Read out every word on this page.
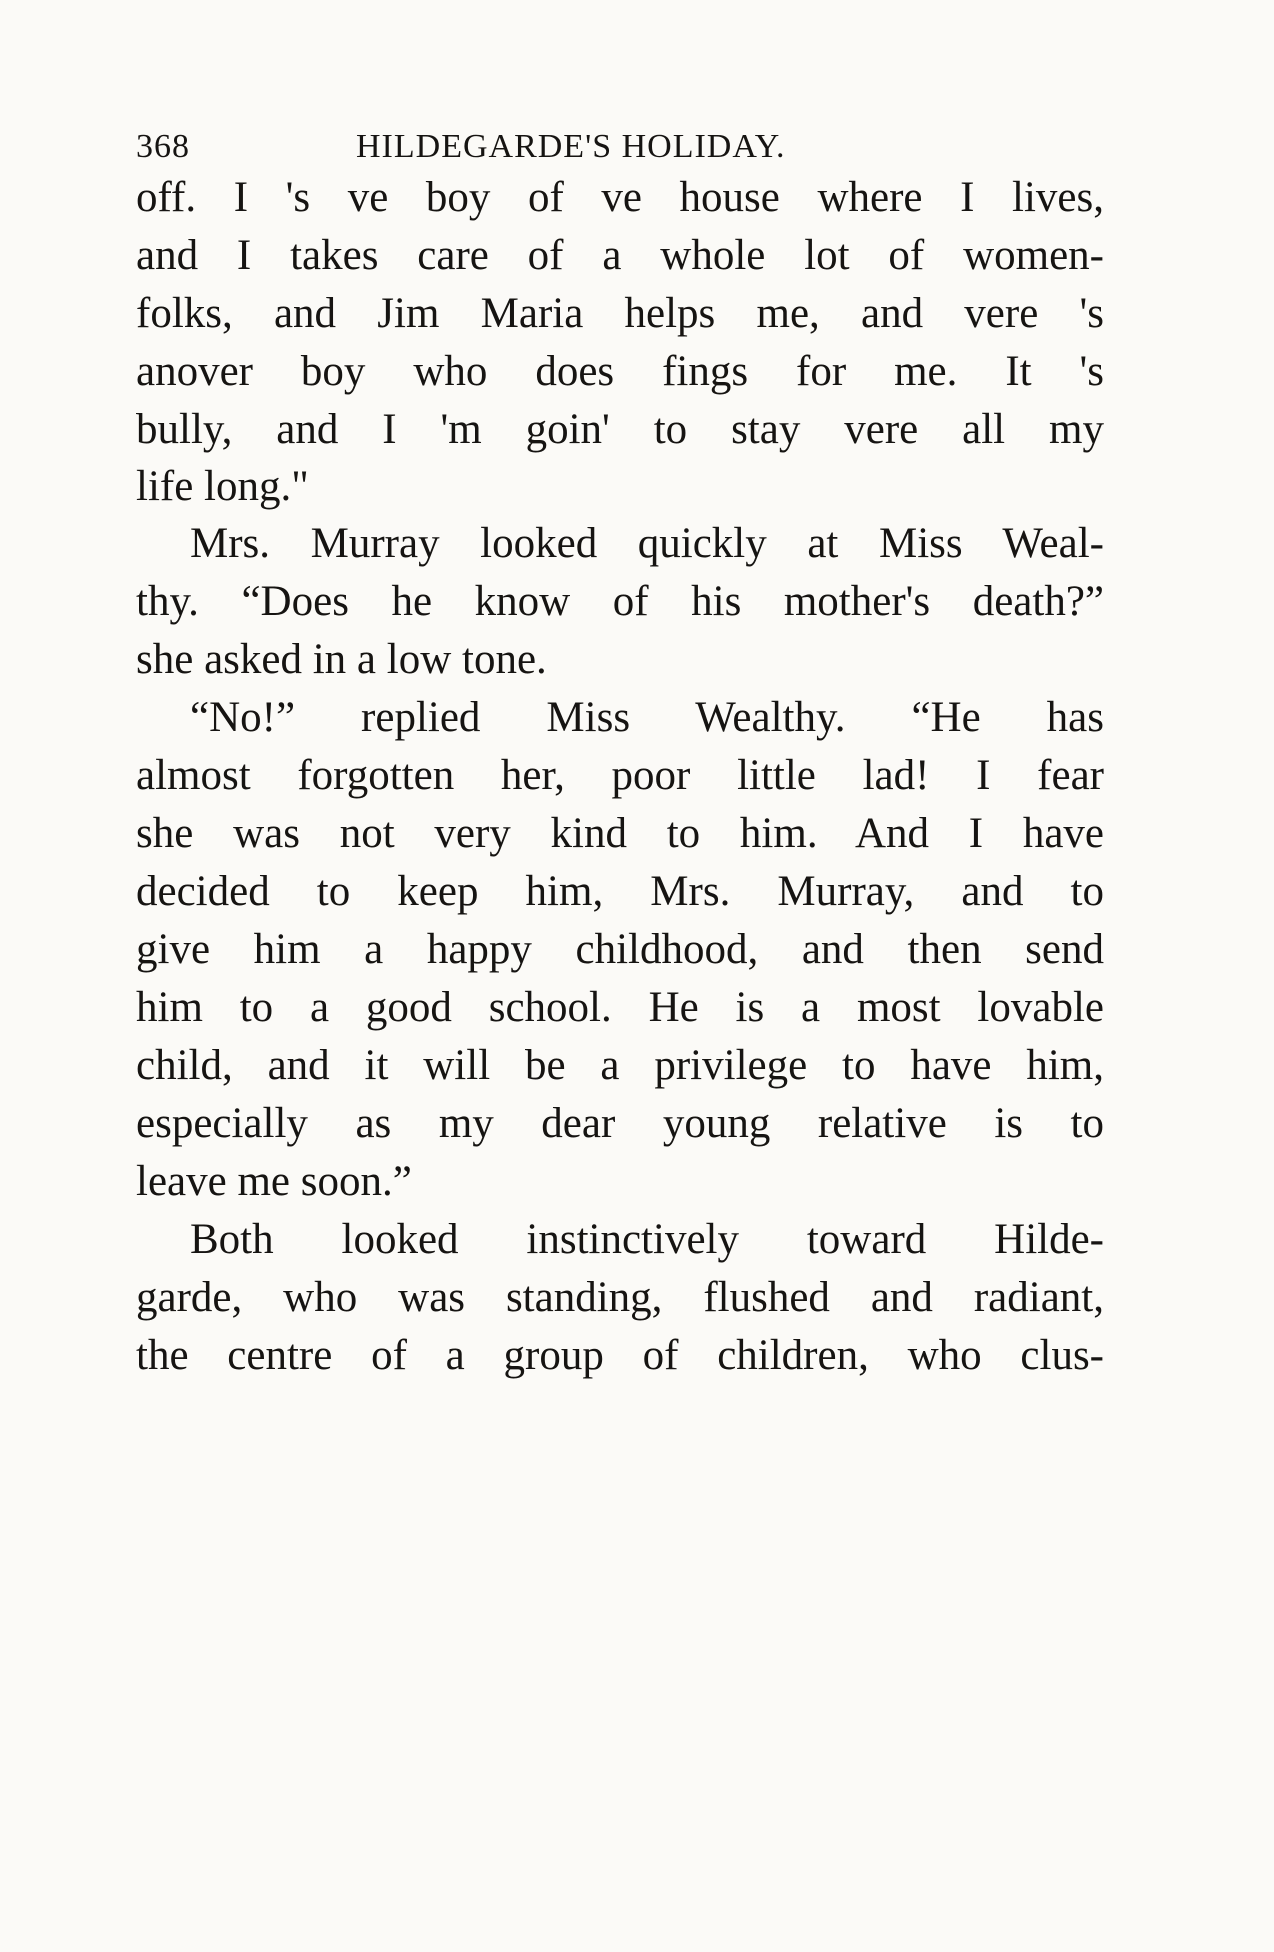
368	HILDEGARDE'S HOLIDAY.
off. I 's ve boy of ve house where I lives,
and I takes care of a whole lot of women-
folks, and Jim Maria helps me, and vere 's
anover boy who does fings for me. It 's
bully, and I 'm goin' to stay vere all my
life long."
Mrs. Murray looked quickly at Miss Weal-
thy. “Does he know of his mother's death?”
she asked in a low tone.
“No!” replied Miss Wealthy. “He has
almost forgotten her, poor little lad! I fear
she was not very kind to him. And I have
decided to keep him, Mrs. Murray, and to
give him a happy childhood, and then send
him to a good school. He is a most lovable
child, and it will be a privilege to have him,
especially as my dear young relative is to
leave me soon.”
Both looked instinctively toward Hilde-
garde, who was standing, flushed and radiant,
the centre of a group of children, who clus-
